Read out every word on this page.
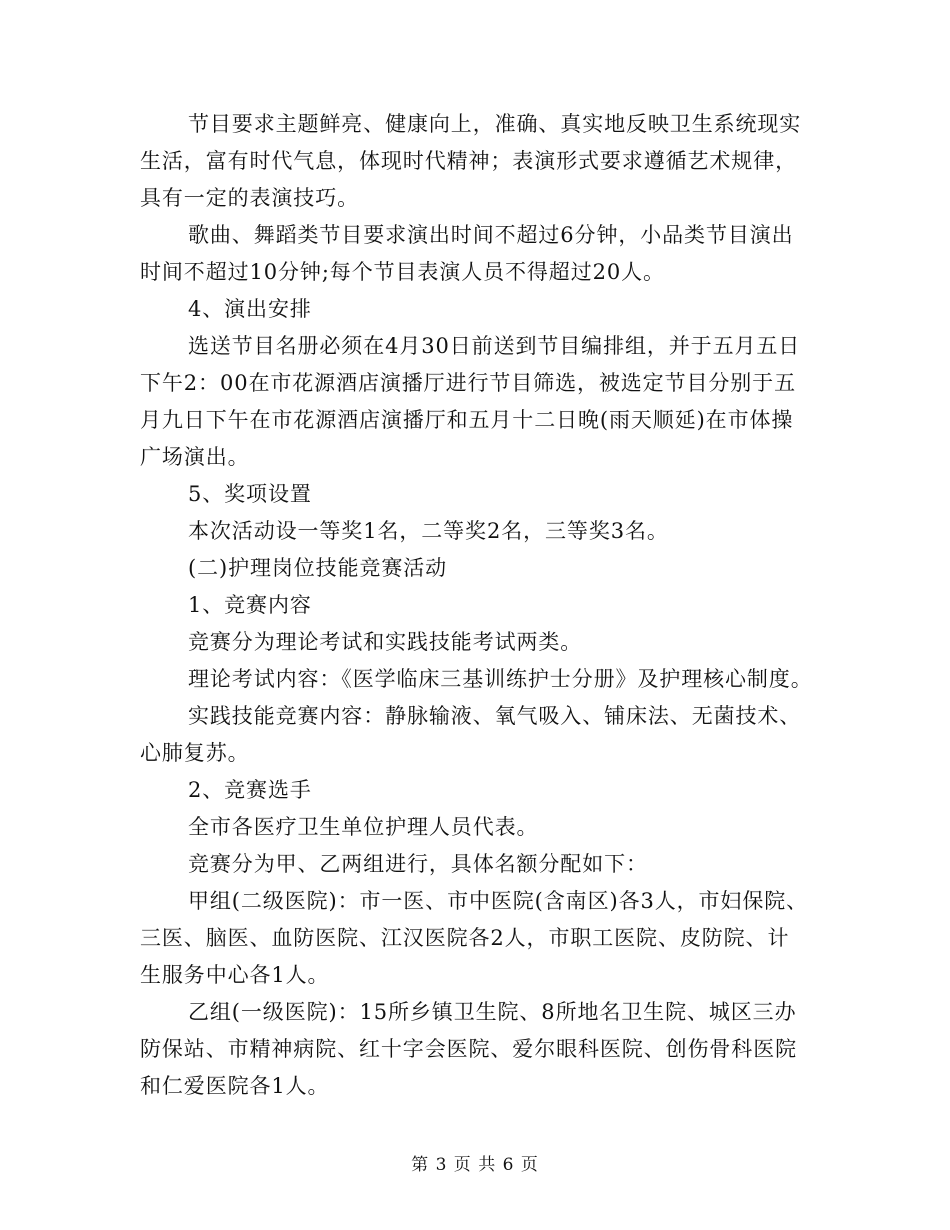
节目要求主题鲜亮、健康向上，准确、真实地反映卫生系统现实
生活，富有时代气息，体现时代精神；表演形式要求遵循艺术规律，
具有一定的表演技巧。
歌曲、舞蹈类节目要求演出时间不超过6分钟，小品类节目演出
时间不超过10分钟;每个节目表演人员不得超过20人。
4、演出安排
选送节目名册必须在4月30日前送到节目编排组，并于五月五日
下午2：00在市花源酒店演播厅进行节目筛选，被选定节目分别于五
月九日下午在市花源酒店演播厅和五月十二日晚(雨天顺延)在市体操
广场演出。
5、奖项设置
本次活动设一等奖1名，二等奖2名，三等奖3名。
(二)护理岗位技能竞赛活动
1、竞赛内容
竞赛分为理论考试和实践技能考试两类。
理论考试内容：《医学临床三基训练护士分册》及护理核心制度。
实践技能竞赛内容：静脉输液、氧气吸入、铺床法、无菌技术、
心肺复苏。
2、竞赛选手
全市各医疗卫生单位护理人员代表。
竞赛分为甲、乙两组进行，具体名额分配如下：
甲组(二级医院)：市一医、市中医院(含南区)各3人，市妇保院、
三医、脑医、血防医院、江汉医院各2人，市职工医院、皮防院、计
生服务中心各1人。
乙组(一级医院)：15所乡镇卫生院、8所地名卫生院、城区三办
防保站、市精神病院、红十字会医院、爱尔眼科医院、创伤骨科医院
和仁爱医院各1人。
第 3 页 共 6 页
